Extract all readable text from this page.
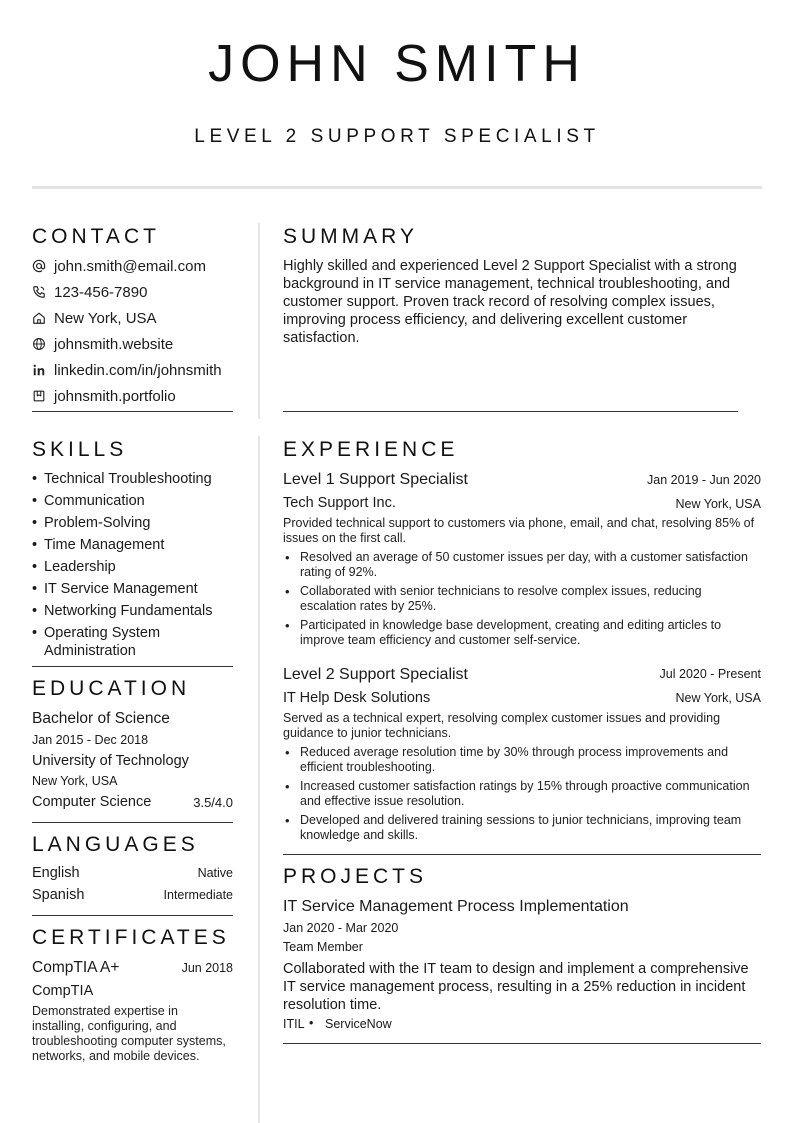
JOHN SMITH
LEVEL 2 SUPPORT SPECIALIST
CONTACT
john.smith@email.com
123-456-7890
New York, USA
johnsmith.website
linkedin.com/in/johnsmith
johnsmith.portfolio
SUMMARY
Highly skilled and experienced Level 2 Support Specialist with a strong background in IT service management, technical troubleshooting, and customer support. Proven track record of resolving complex issues, improving process efficiency, and delivering excellent customer satisfaction.
SKILLS
• Technical Troubleshooting
• Communication
• Problem-Solving
• Time Management
• Leadership
• IT Service Management
• Networking Fundamentals
• Operating System Administration
EDUCATION
Bachelor of Science
Jan 2015 - Dec 2018
University of Technology
New York, USA
Computer Science	3.5/4.0
LANGUAGES
English	Native
Spanish	Intermediate
CERTIFICATES
CompTIA A+	Jun 2018
CompTIA
Demonstrated expertise in installing, configuring, and troubleshooting computer systems, networks, and mobile devices.
EXPERIENCE
Level 1 Support Specialist	Jan 2019 - Jun 2020
Tech Support Inc.	New York, USA
Provided technical support to customers via phone, email, and chat, resolving 85% of issues on the first call.
• Resolved an average of 50 customer issues per day, with a customer satisfaction rating of 92%.
• Collaborated with senior technicians to resolve complex issues, reducing escalation rates by 25%.
• Participated in knowledge base development, creating and editing articles to improve team efficiency and customer self-service.
Level 2 Support Specialist	Jul 2020 - Present
IT Help Desk Solutions	New York, USA
Served as a technical expert, resolving complex customer issues and providing guidance to junior technicians.
• Reduced average resolution time by 30% through process improvements and efficient troubleshooting.
• Increased customer satisfaction ratings by 15% through proactive communication and effective issue resolution.
• Developed and delivered training sessions to junior technicians, improving team knowledge and skills.
PROJECTS
IT Service Management Process Implementation
Jan 2020 - Mar 2020
Team Member
Collaborated with the IT team to design and implement a comprehensive IT service management process, resulting in a 25% reduction in incident resolution time.
ITIL • ServiceNow
